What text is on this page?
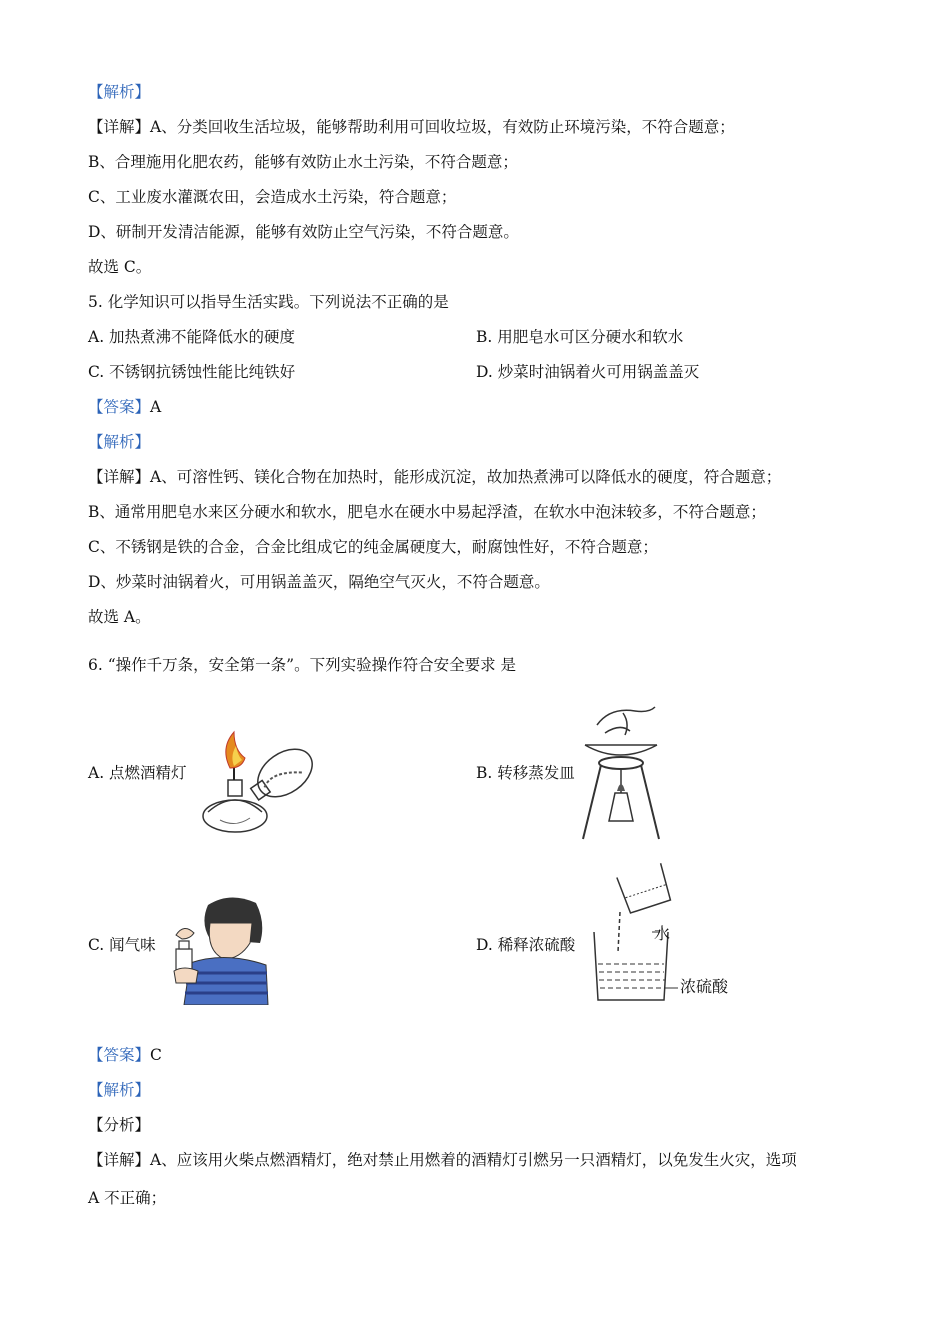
【解析】
【详解】A、分类回收生活垃圾，能够帮助利用可回收垃圾，有效防止环境污染，不符合题意；
B、合理施用化肥农药，能够有效防止水土污染，不符合题意；
C、工业废水灌溉农田，会造成水土污染，符合题意；
D、研制开发清洁能源，能够有效防止空气污染，不符合题意。
故选 C。
5. 化学知识可以指导生活实践。下列说法不正确的是
A. 加热煮沸不能降低水的硬度	B. 用肥皂水可区分硬水和软水
C. 不锈钢抗锈蚀性能比纯铁好	D. 炒菜时油锅着火可用锅盖盖灭
【答案】A
【解析】
【详解】A、可溶性钙、镁化合物在加热时，能形成沉淀，故加热煮沸可以降低水的硬度，符合题意；
B、通常用肥皂水来区分硬水和软水，肥皂水在硬水中易起浮渣，在软水中泡沫较多，不符合题意；
C、不锈钢是铁的合金，合金比组成它的纯金属硬度大，耐腐蚀性好，不符合题意；
D、炒菜时油锅着火，可用锅盖盖灭，隔绝空气灭火，不符合题意。
故选 A。
6. “操作千万条，安全第一条”。下列实验操作符合安全要求 是
A. 点燃酒精灯	B. 转移蒸发皿
C. 闻气味	D. 稀释浓硫酸
水
浓硫酸
【答案】C
【解析】
【分析】
【详解】A、应该用火柴点燃酒精灯，绝对禁止用燃着的酒精灯引燃另一只酒精灯，以免发生火灾，选项
A 不正确；
